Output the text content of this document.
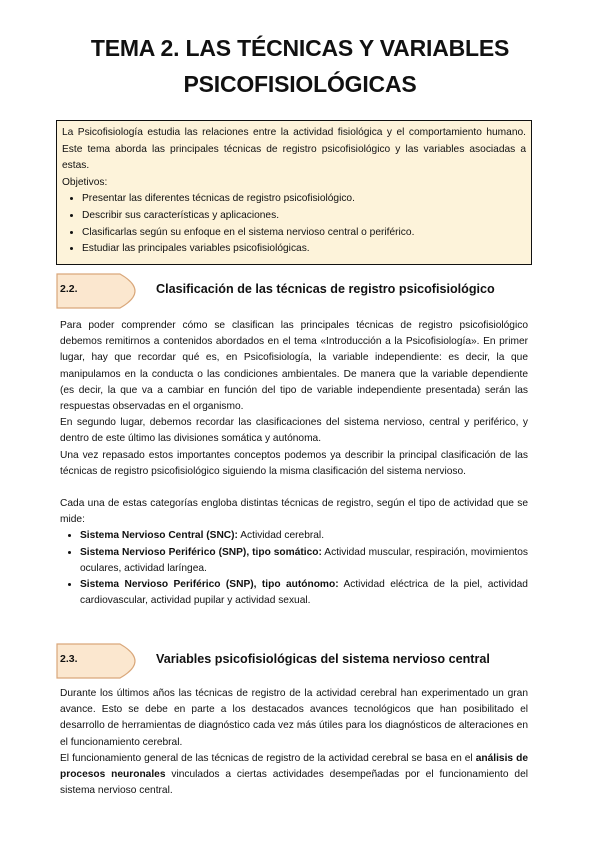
TEMA 2. LAS TÉCNICAS Y VARIABLES
PSICOFISIOLÓGICAS

La Psicofisiología estudia las relaciones entre la actividad fisiológica y el comportamiento humano. Este tema aborda las principales técnicas de registro psicofisiológico y las variables asociadas a estas.

Objetivos:

• Presentar las diferentes técnicas de registro psicofisiológico.
• Describir sus características y aplicaciones.
• Clasificarlas según su enfoque en el sistema nervioso central o periférico.
• Estudiar las principales variables psicofisiológicas.
2.2.	Clasificación de las técnicas de registro psicofisiológico

Para poder comprender cómo se clasifican las principales técnicas de registro psicofisiológico debemos remitirnos a contenidos abordados en el tema «Introducción a la Psicofisiología». En primer lugar, hay que recordar qué es, en Psicofisiología, la variable independiente: es decir, la que manipulamos en la conducta o las condiciones ambientales. De manera que la variable dependiente (es decir, la que va a cambiar en función del tipo de variable independiente presentada) serán las respuestas observadas en el organismo.

En segundo lugar, debemos recordar las clasificaciones del sistema nervioso, central y periférico, y dentro de este último las divisiones somática y autónoma.

Una vez repasado estos importantes conceptos podemos ya describir la principal clasificación de las técnicas de registro psicofisiológico siguiendo la misma clasificación del sistema nervioso.

Cada una de estas categorías engloba distintas técnicas de registro, según el tipo de actividad que se mide:

• Sistema Nervioso Central (SNC): Actividad cerebral.
• Sistema Nervioso Periférico (SNP), tipo somático: Actividad muscular, respiración, movimientos oculares, actividad laríngea.
• Sistema Nervioso Periférico (SNP), tipo autónomo: Actividad eléctrica de la piel, actividad cardiovascular, actividad pupilar y actividad sexual.
2.3.	Variables psicofisiológicas del sistema nervioso central

Durante los últimos años las técnicas de registro de la actividad cerebral han experimentado un gran avance. Esto se debe en parte a los destacados avances tecnológicos que han posibilitado el desarrollo de herramientas de diagnóstico cada vez más útiles para los diagnósticos de alteraciones en el funcionamiento cerebral.

El funcionamiento general de las técnicas de registro de la actividad cerebral se basa en el análisis de procesos neuronales vinculados a ciertas actividades desempeñadas por el funcionamiento del sistema nervioso central.
